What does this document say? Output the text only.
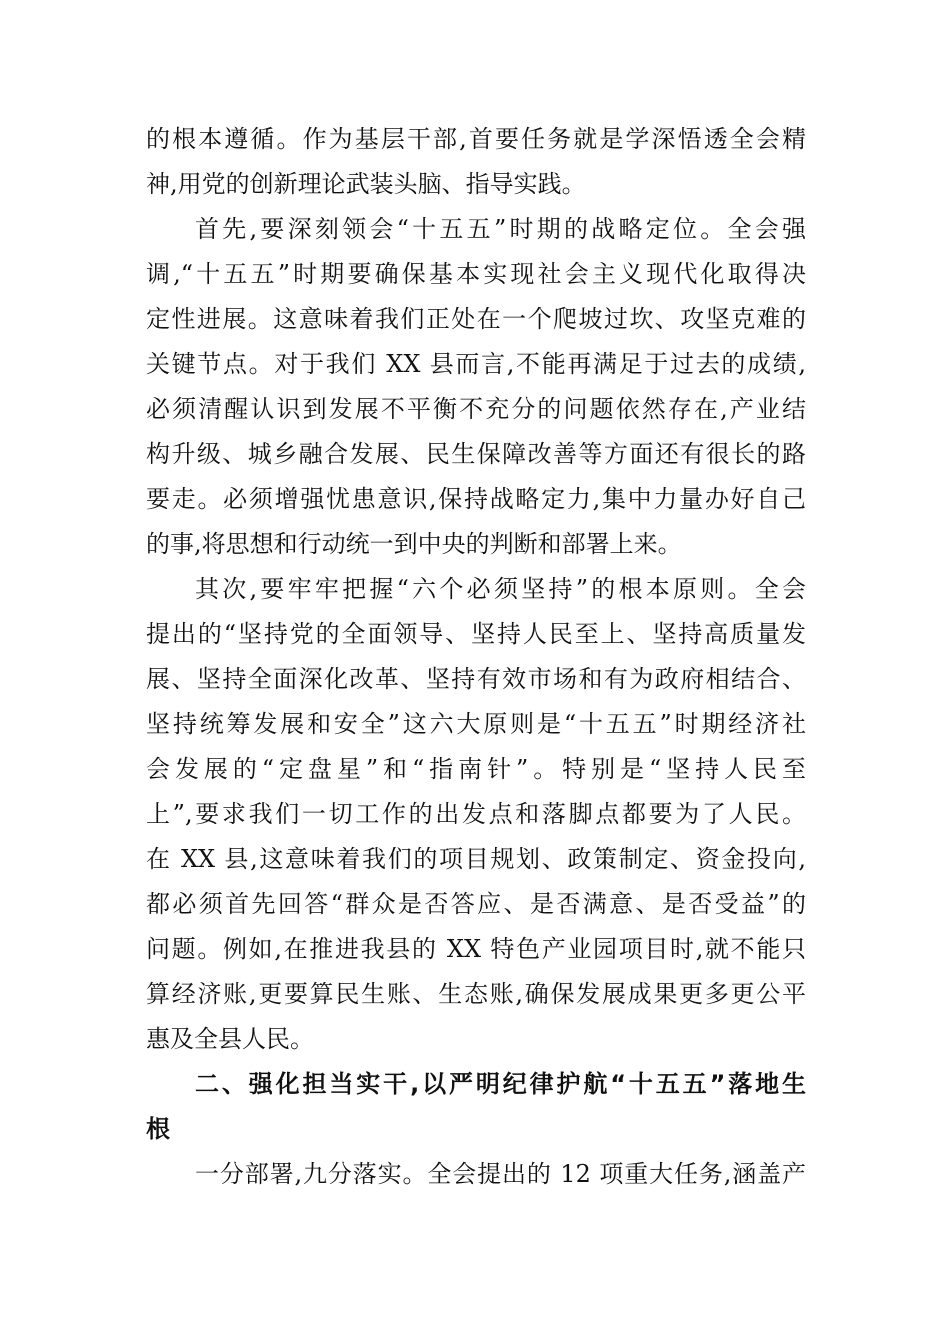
的根本遵循。作为基层干部,首要任务就是学深悟透全会精
神,用党的创新理论武装头脑、指导实践。
首先,要深刻领会“十五五”时期的战略定位。全会强
调,“十五五”时期要确保基本实现社会主义现代化取得决
定性进展。这意味着我们正处在一个爬坡过坎、攻坚克难的
关键节点。对于我们 XX 县而言,不能再满足于过去的成绩,
必须清醒认识到发展不平衡不充分的问题依然存在,产业结
构升级、城乡融合发展、民生保障改善等方面还有很长的路
要走。必须增强忧患意识,保持战略定力,集中力量办好自己
的事,将思想和行动统一到中央的判断和部署上来。
其次,要牢牢把握“六个必须坚持”的根本原则。全会
提出的“坚持党的全面领导、坚持人民至上、坚持高质量发
展、坚持全面深化改革、坚持有效市场和有为政府相结合、
坚持统筹发展和安全”这六大原则是“十五五”时期经济社
会发展的“定盘星”和“指南针”。特别是“坚持人民至
上”,要求我们一切工作的出发点和落脚点都要为了人民。
在 XX 县,这意味着我们的项目规划、政策制定、资金投向,
都必须首先回答“群众是否答应、是否满意、是否受益”的
问题。例如,在推进我县的 XX 特色产业园项目时,就不能只
算经济账,更要算民生账、生态账,确保发展成果更多更公平
惠及全县人民。
二、强化担当实干,以严明纪律护航“十五五”落地生
根
一分部署,九分落实。全会提出的 12 项重大任务,涵盖产
